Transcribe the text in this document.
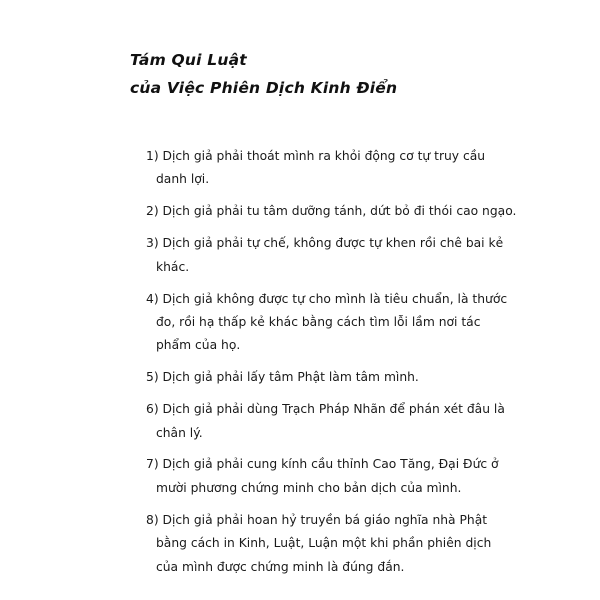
Tám Qui Luật
của Việc Phiên Dịch Kinh Điển
1) Dịch giả phải thoát mình ra khỏi động cơ tự truy cầu
danh lợi.
2) Dịch giả phải tu tâm dưỡng tánh, dứt bỏ đi thói cao ngạo.
3) Dịch giả phải tự chế, không được tự khen rồi chê bai kẻ
khác.
4) Dịch giả không được tự cho mình là tiêu chuẩn, là thước
đo, rồi hạ thấp kẻ khác bằng cách tìm lỗi lầm nơi tác
phẩm của họ.
5) Dịch giả phải lấy tâm Phật làm tâm mình.
6) Dịch giả phải dùng Trạch Pháp Nhãn để phán xét đâu là
chân lý.
7) Dịch giả phải cung kính cầu thỉnh Cao Tăng, Đại Đức ở
mười phương chứng minh cho bản dịch của mình.
8) Dịch giả phải hoan hỷ truyền bá giáo nghĩa nhà Phật
bằng cách in Kinh, Luật, Luận một khi phần phiên dịch
của mình được chứng minh là đúng đắn.
